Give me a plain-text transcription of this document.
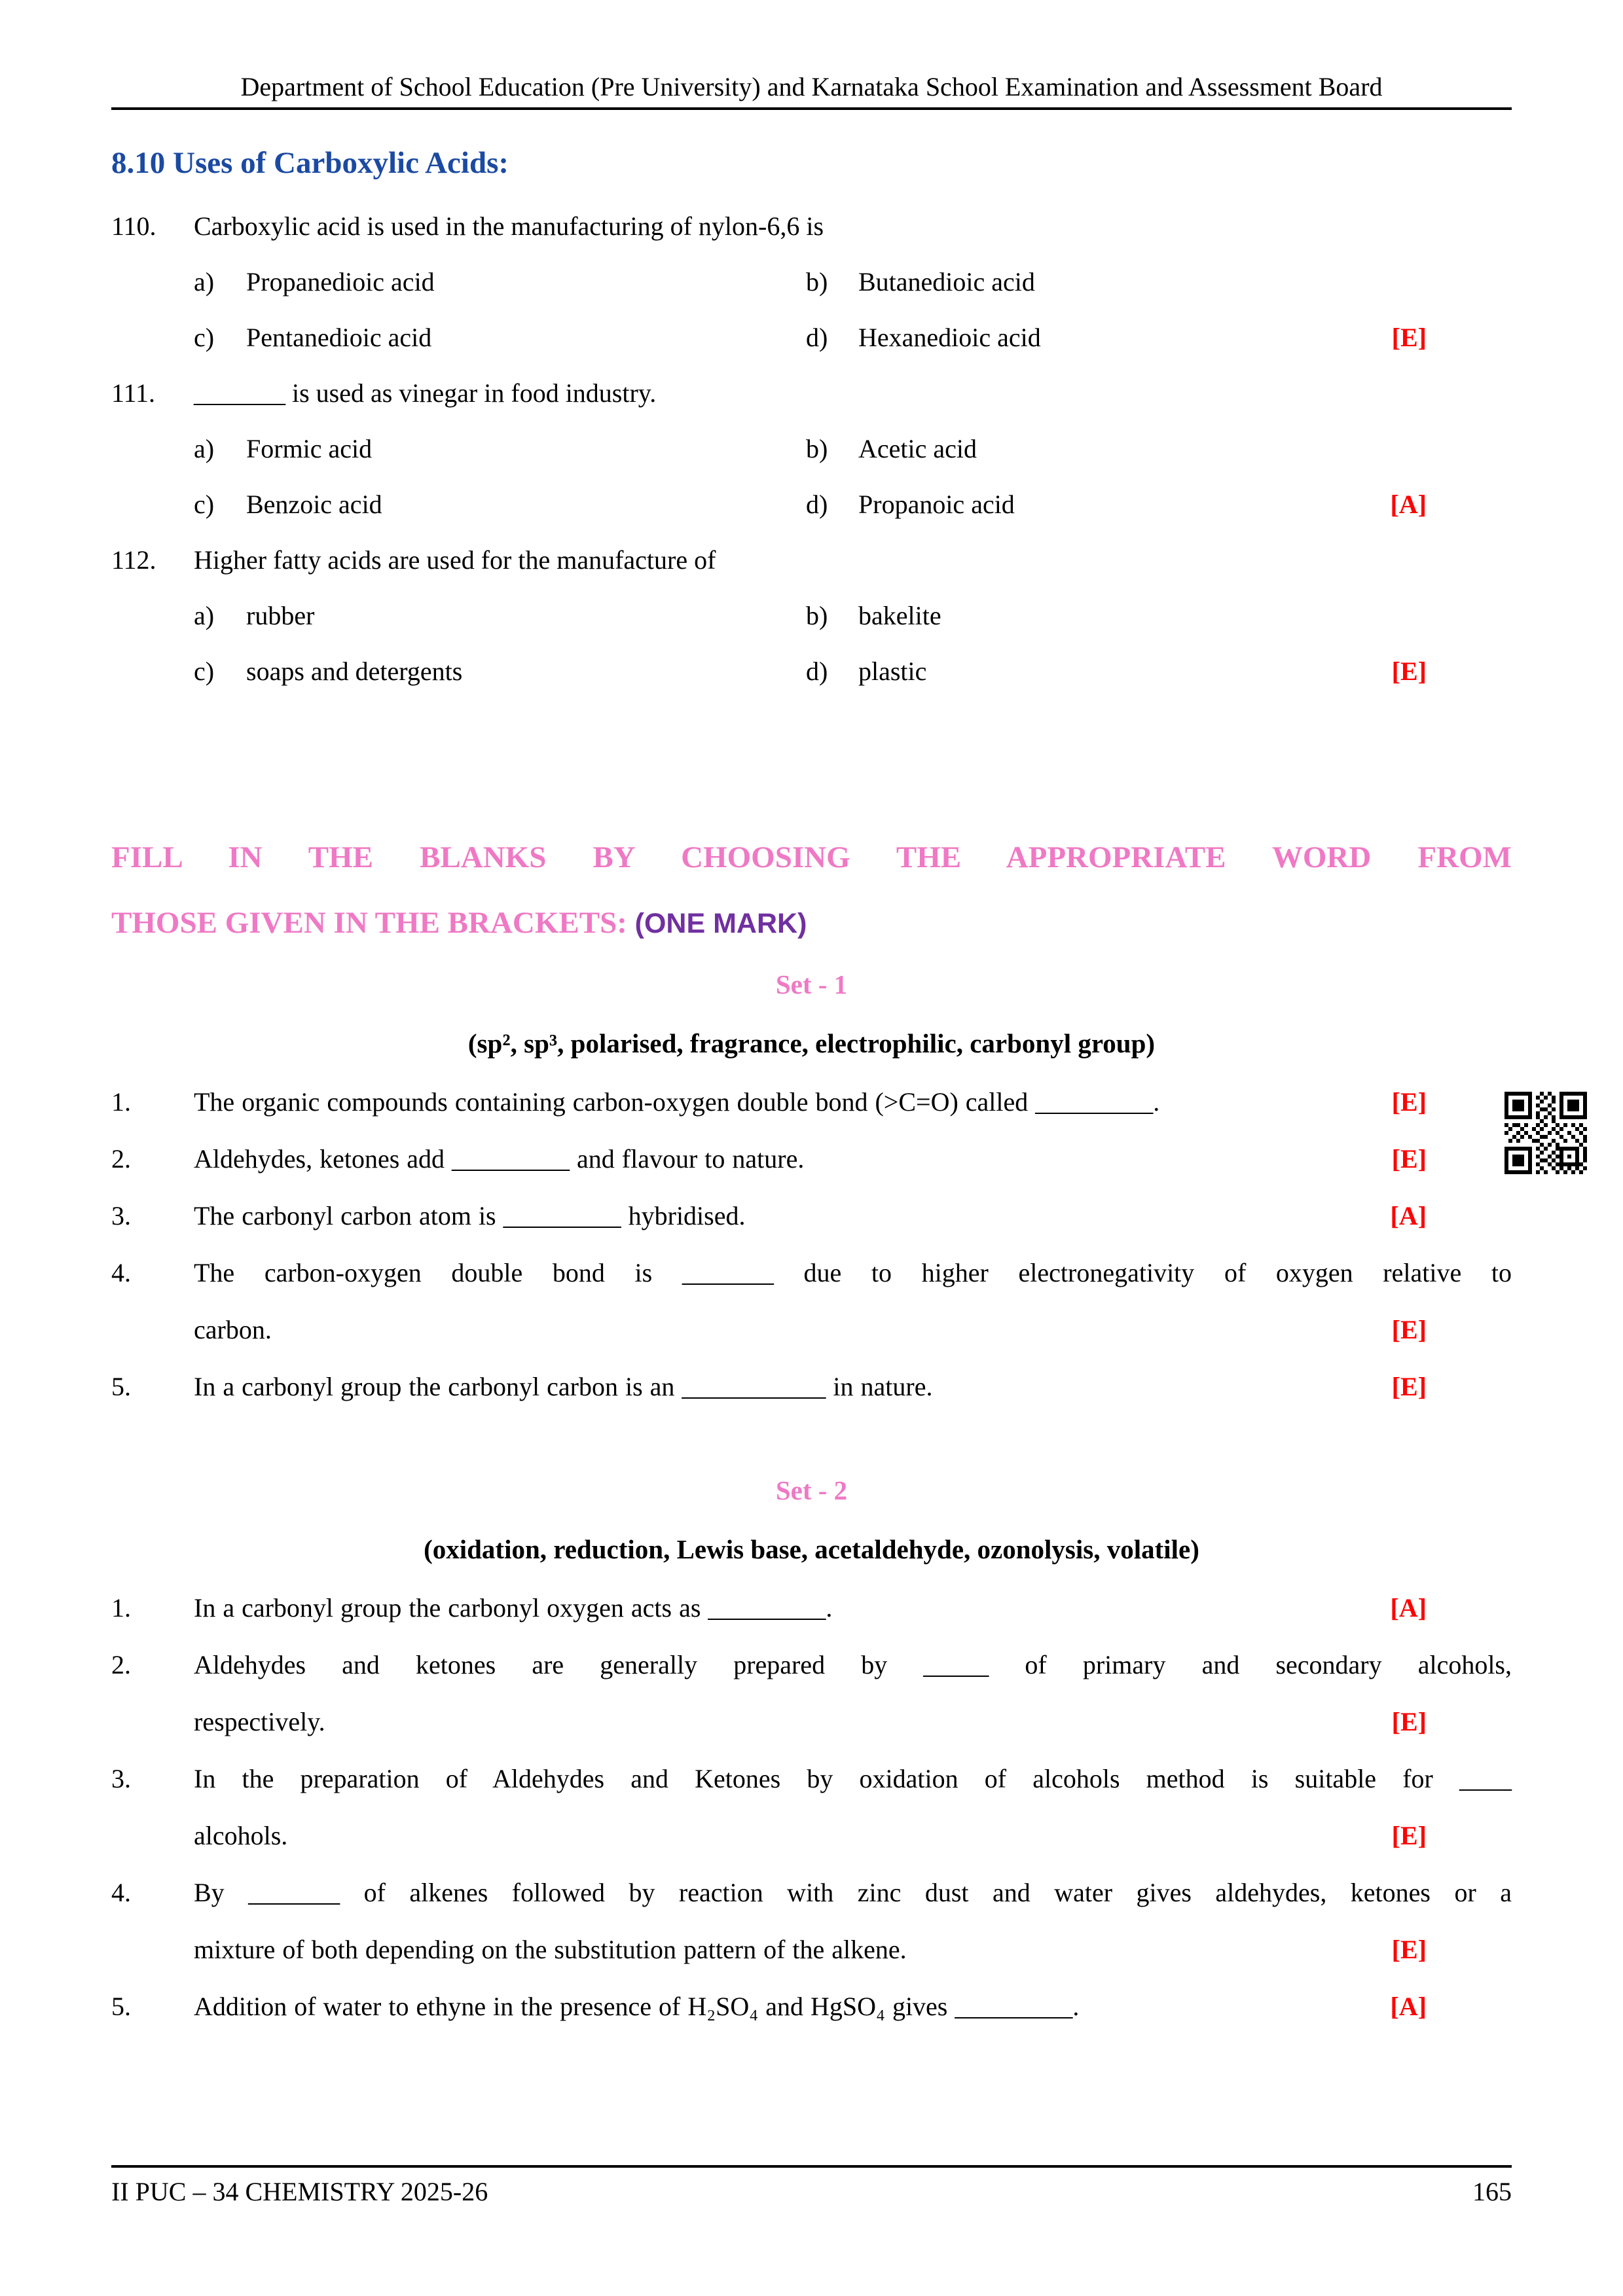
Department of School Education (Pre University) and Karnataka School Examination and Assessment Board
8.10 Uses of Carboxylic Acids:
110.	Carboxylic acid is used in the manufacturing of nylon-6,6 is
a)	Propanedioic acid	b)	Butanedioic acid
c)	Pentanedioic acid	d)	Hexanedioic acid	[E]
111.	_______ is used as vinegar in food industry.
a)	Formic acid	b)	Acetic acid
c)	Benzoic acid	d)	Propanoic acid	[A]
112.	Higher fatty acids are used for the manufacture of
a)	rubber	b)	bakelite
c)	soaps and detergents	d)	plastic	[E]
FILL IN THE BLANKS BY CHOOSING THE APPROPRIATE WORD FROM
THOSE GIVEN IN THE BRACKETS: (ONE MARK)
Set - 1
(sp², sp³, polarised, fragrance, electrophilic, carbonyl group)
1. The organic compounds containing carbon-oxygen double bond (>C=O) called _________.	[E]
2. Aldehydes, ketones add _________ and flavour to nature.	[E]
3. The carbonyl carbon atom is _________ hybridised.	[A]
4. The carbon-oxygen double bond is _______ due to higher electronegativity of oxygen relative to
carbon.	[E]
5. In a carbonyl group the carbonyl carbon is an ___________ in nature.	[E]
Set - 2
(oxidation, reduction, Lewis base, acetaldehyde, ozonolysis, volatile)
1. In a carbonyl group the carbonyl oxygen acts as _________.	[A]
2. Aldehydes and ketones are generally prepared by _____ of primary and secondary alcohols,
respectively.	[E]
3. In the preparation of Aldehydes and Ketones by oxidation of alcohols method is suitable for ____
alcohols.	[E]
4. By _______ of alkenes followed by reaction with zinc dust and water gives aldehydes, ketones or a
mixture of both depending on the substitution pattern of the alkene.	[E]
5. Addition of water to ethyne in the presence of H₂SO₄ and HgSO₄ gives _________.	[A]
II PUC – 34 CHEMISTRY 2025-26	165
